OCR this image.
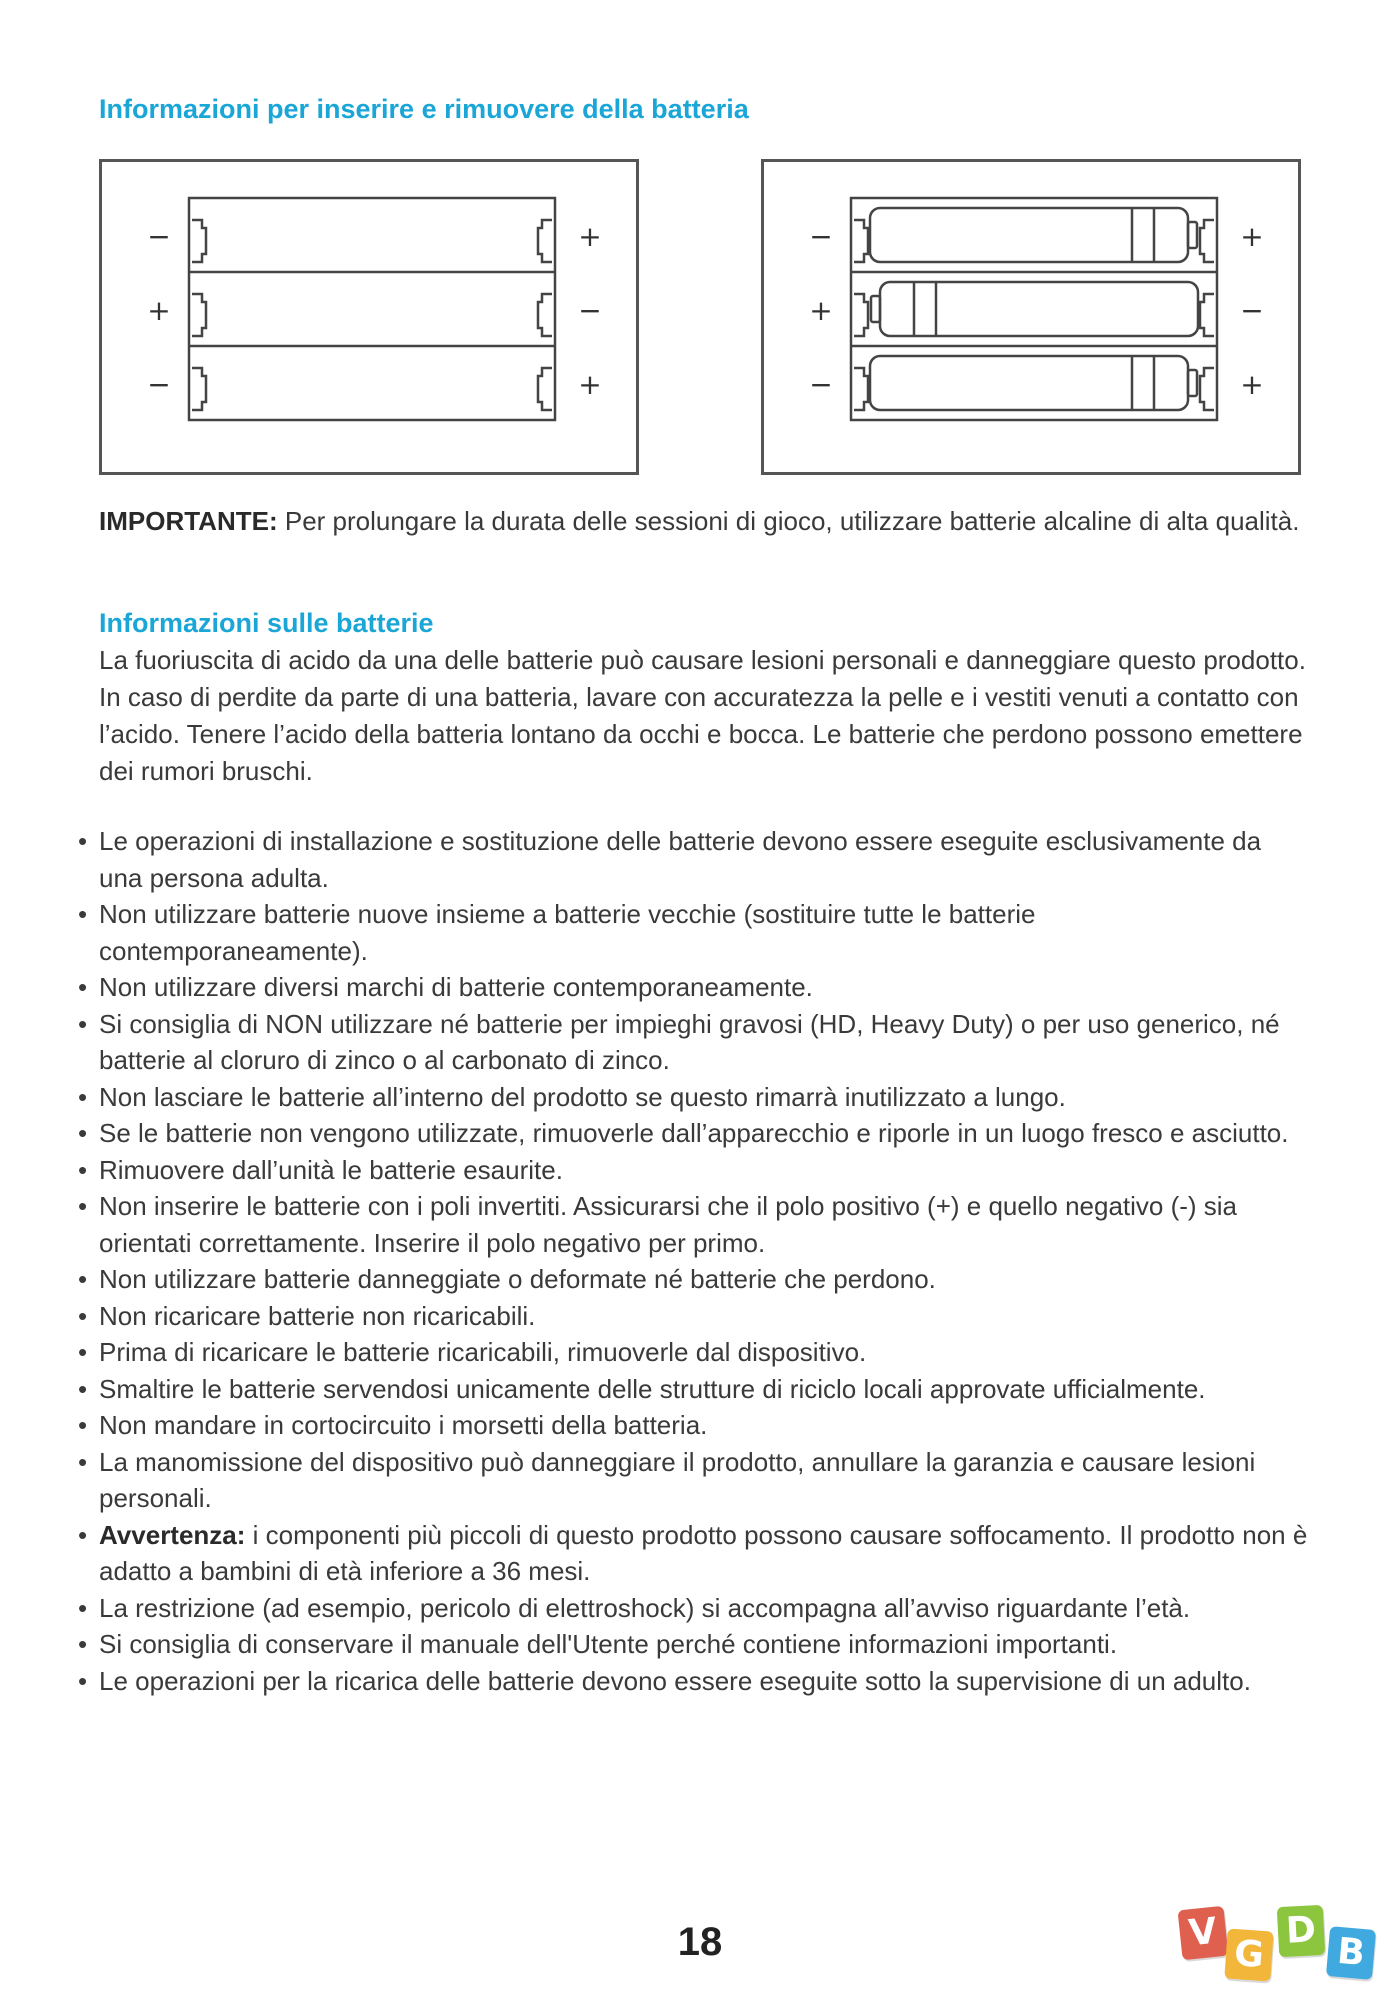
Informazioni per inserire e rimuovere della batteria
−
+
−
+
−
+
−
+
−
+
−
+

IMPORTANTE: Per prolungare la durata delle sessioni di gioco, utilizzare batterie alcaline di alta qualità.

Informazioni sulle batterie

La fuoriuscita di acido da una delle batterie può causare lesioni personali e danneggiare questo prodotto. In caso di perdite da parte di una batteria, lavare con accuratezza la pelle e i vestiti venuti a contatto con l’acido. Tenere l’acido della batteria lontano da occhi e bocca. Le batterie che perdono possono emettere dei rumori bruschi.

• Le operazioni di installazione e sostituzione delle batterie devono essere eseguite esclusivamente da una persona adulta.
• Non utilizzare batterie nuove insieme a batterie vecchie (sostituire tutte le batterie contemporaneamente).
• Non utilizzare diversi marchi di batterie contemporaneamente.
• Si consiglia di NON utilizzare né batterie per impieghi gravosi (HD, Heavy Duty) o per uso generico, né batterie al cloruro di zinco o al carbonato di zinco.
• Non lasciare le batterie all’interno del prodotto se questo rimarrà inutilizzato a lungo.
• Se le batterie non vengono utilizzate, rimuoverle dall’apparecchio e riporle in un luogo fresco e asciutto.
• Rimuovere dall’unità le batterie esaurite.
• Non inserire le batterie con i poli invertiti. Assicurarsi che il polo positivo (+) e quello negativo (-) sia orientati correttamente. Inserire il polo negativo per primo.
• Non utilizzare batterie danneggiate o deformate né batterie che perdono.
• Non ricaricare batterie non ricaricabili.
• Prima di ricaricare le batterie ricaricabili, rimuoverle dal dispositivo.
• Smaltire le batterie servendosi unicamente delle strutture di riciclo locali approvate ufficialmente.
• Non mandare in cortocircuito i morsetti della batteria.
• La manomissione del dispositivo può danneggiare il prodotto, annullare la garanzia e causare lesioni personali.
• Avvertenza: i componenti più piccoli di questo prodotto possono causare soffocamento. Il prodotto non è adatto a bambini di età inferiore a 36 mesi.
• La restrizione (ad esempio, pericolo di elettroshock) si accompagna all’avviso riguardante l’età.
• Si consiglia di conservare il manuale dell'Utente perché contiene informazioni importanti.
• Le operazioni per la ricarica delle batterie devono essere eseguite sotto la supervisione di un adulto.
18	V
G
D
B
